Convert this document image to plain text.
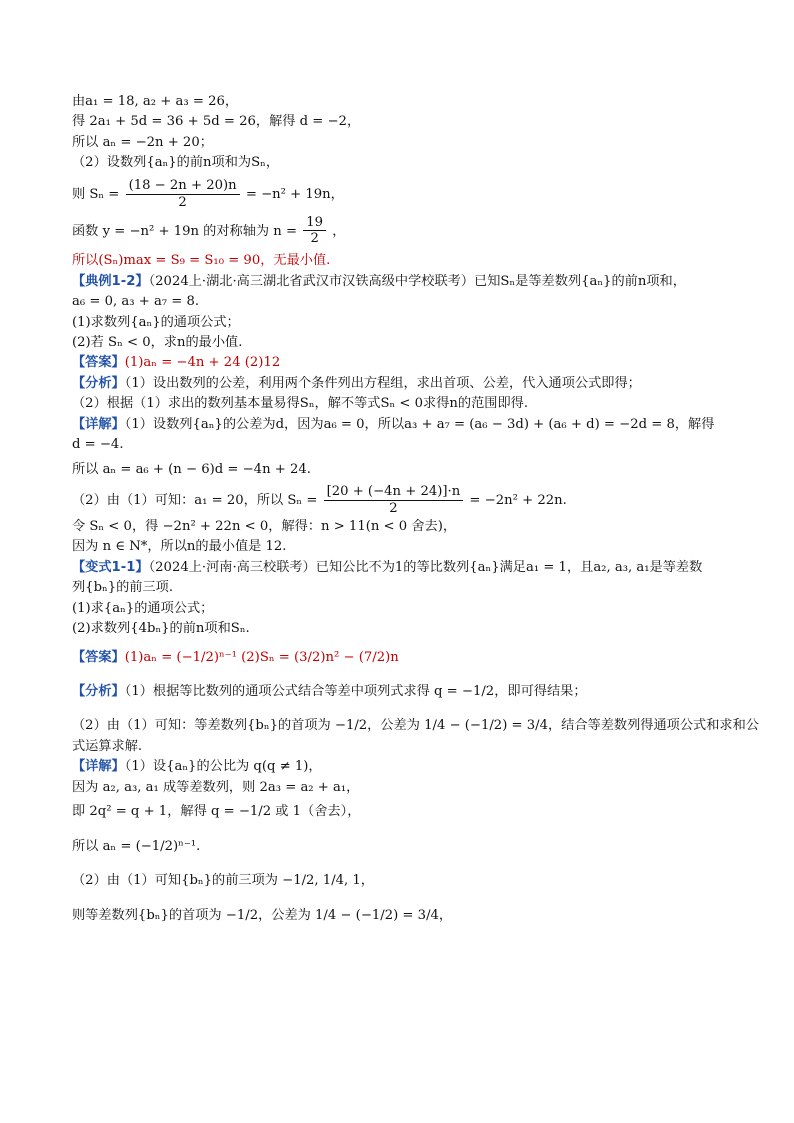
由a₁ = 18, a₂ + a₃ = 26，

得 2a₁ + 5d = 36 + 5d = 26，解得 d = −2，

所以 aₙ = −2n + 20；

（2）设数列{aₙ}的前n项和为Sₙ，

则 $S_n = \frac{(18 - 2n + 20)n}{2} = -n^2 + 19n$，

函数 y = −n² + 19n 的对称轴为 $n = \frac{19}{2}$ ，

所以(Sₙ)max = S₉ = S₁₀ = 90，无最小值.

【典例1-2】（2024上·湖北·高三湖北省武汉市汉铁高级中学校联考）已知Sₙ是等差数列{aₙ}的前n项和，

a₆ = 0, a₃ + a₇ = 8.

(1)求数列{aₙ}的通项公式；

(2)若 Sₙ < 0，求n的最小值.

【答案】(1)aₙ = −4n + 24 (2)12

【分析】（1）设出数列的公差，利用两个条件列出方程组，求出首项、公差，代入通项公式即得；

（2）根据（1）求出的数列基本量易得Sₙ，解不等式Sₙ < 0求得n的范围即得.

【详解】（1）设数列{aₙ}的公差为d，因为a₆ = 0，所以a₃ + a₇ = (a₆ − 3d) + (a₆ + d) = −2d = 8，解得

d = −4.

所以 aₙ = a₆ + (n − 6)d = −4n + 24.

（2）由（1）可知：a₁ = 20，所以 $S_n = \frac{[20 + (-4n + 24)]\cdot n}{2} = -2n^2 + 22n$.

令 Sₙ < 0，得 −2n² + 22n < 0，解得：n > 11(n < 0 舍去)，

因为 n ∈ N*，所以n的最小值是 12.

【变式1-1】（2024上·河南·高三校联考）已知公比不为1的等比数列{aₙ}满足a₁ = 1，且a₂, a₃, a₁是等差数

列{bₙ}的前三项.

(1)求{aₙ}的通项公式；

(2)求数列{4bₙ}的前n项和Sₙ.

【答案】(1)aₙ = (−1/2)ⁿ⁻¹ (2)Sₙ = (3/2)n² − (7/2)n

【分析】（1）根据等比数列的通项公式结合等差中项列式求得 q = −1/2，即可得结果；

（2）由（1）可知：等差数列{bₙ}的首项为 −1/2，公差为 1/4 − (−1/2) = 3/4，结合等差数列得通项公式和求和公

式运算求解.

【详解】（1）设{aₙ}的公比为 q(q ≠ 1)，

因为 a₂, a₃, a₁ 成等差数列，则 2a₃ = a₂ + a₁，

即 2q² = q + 1，解得 q = −1/2 或 1（舍去），

所以 aₙ = (−1/2)ⁿ⁻¹.

（2）由（1）可知{bₙ}的前三项为 −1/2, 1/4, 1，

则等差数列{bₙ}的首项为 −1/2，公差为 1/4 − (−1/2) = 3/4，
